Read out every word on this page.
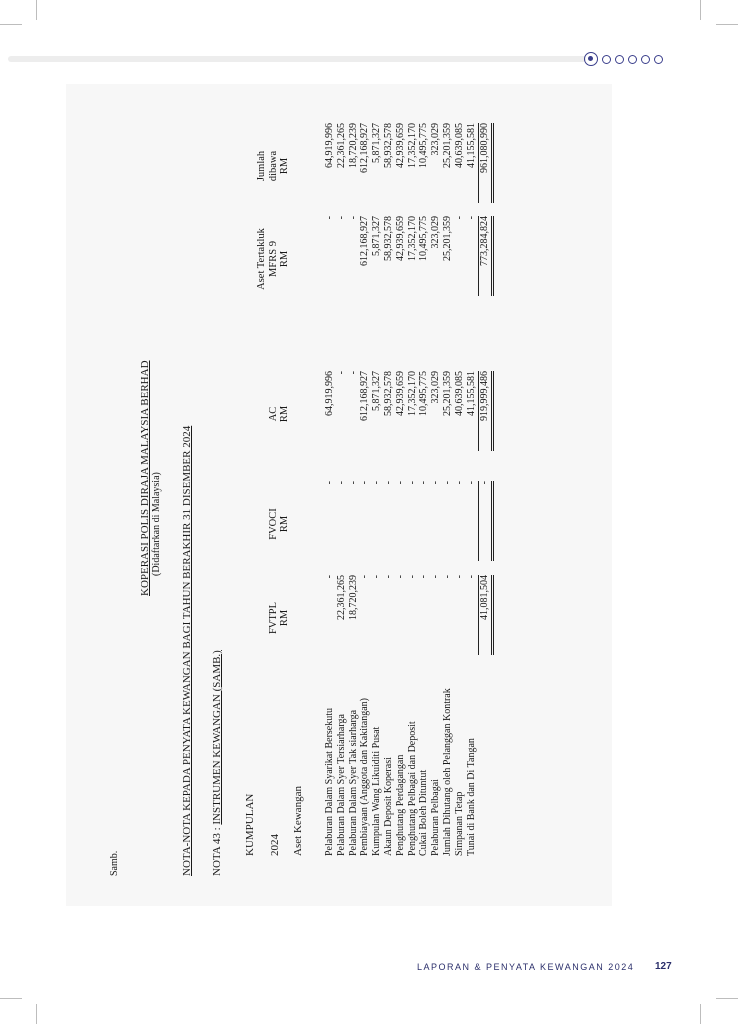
Samb.
KOPERASI POLIS DIRAJA MALAYSIA BERHAD (Didaftarkan di Malaysia) NOTA-NOTA KEPADA PENYATA KEWANGAN BAGI TAHUN BERAKHIR 31 DISEMBER 2024 NOTA 43 : INSTRUMEN KEWANGAN (SAMB.)
KUMPULAN 2024 Aset Kewangan

FVTPL RM

FVOCI RM

AC RM
Aset Tertakluk MFRS 9 RM
Jumlah dibawa RM
Pelaburan Dalam Syarikat Bersekutu
-
-
64,919,996
-
64,919,996
Pelaburan Dalam Syer Tersiarharga
22,361,265
-
-
-
22,361,265
Pelaburan Dalam Syer Tak siarharga
18,720,239
-
-
-
18,720,239
Pembiayaan (Anggota dan Kakitangan)
-
-
612,168,927
612,168,927
612,168,927
Kumpulan Wang Likuiditi Pusat
-
-
5,871,327
5,871,327
5,871,327
Akaun Deposit Koperasi
-
-
58,932,578
58,932,578
58,932,578
Penghutang Perdagangan
-
-
42,939,659
42,939,659
42,939,659
Penghutang Pelbagai dan Deposit
-
-
17,352,170
17,352,170
17,352,170
Cukai Boleh Dituntut
-
-
10,495,775
10,495,775
10,495,775
Pelaburan Pelbagai
-
-
323,029
323,029
323,029
Jumlah Dihutang oleh Pelanggan Kontrak
-
-
25,201,359
25,201,359
25,201,359
Simpanan Tetap
-
-
40,639,085
-
40,639,085
Tunai di Bank dan Di Tangan
-
-
41,155,581
-
41,155,581
41,081,504
-
919,999,486
773,284,824
961,080,990
LAPORAN & PENYATA KEWANGAN 2024 127
